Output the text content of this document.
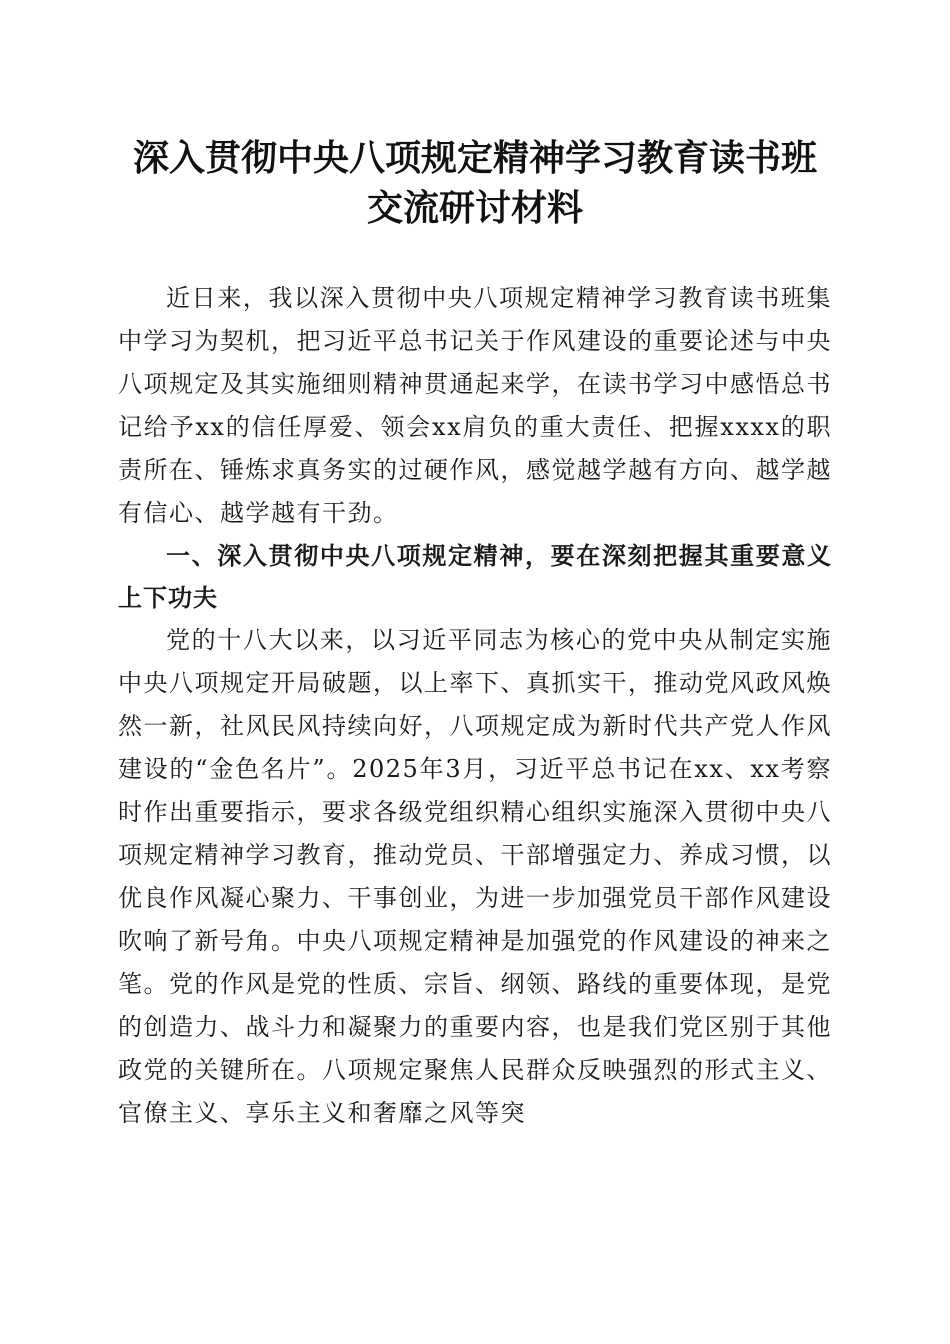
深入贯彻中央八项规定精神学习教育读书班交流研讨材料

近日来，我以深入贯彻中央八项规定精神学习教育读书班集中学习为契机，把习近平总书记关于作风建设的重要论述与中央八项规定及其实施细则精神贯通起来学，在读书学习中感悟总书记给予xx的信任厚爱、领会xx肩负的重大责任、把握xxxx的职责所在、锤炼求真务实的过硬作风，感觉越学越有方向、越学越有信心、越学越有干劲。

一、深入贯彻中央八项规定精神，要在深刻把握其重要意义上下功夫

党的十八大以来，以习近平同志为核心的党中央从制定实施中央八项规定开局破题，以上率下、真抓实干，推动党风政风焕然一新，社风民风持续向好，八项规定成为新时代共产党人作风建设的“金色名片”。2025年3月，习近平总书记在xx、xx考察时作出重要指示，要求各级党组织精心组织实施深入贯彻中央八项规定精神学习教育，推动党员、干部增强定力、养成习惯，以优良作风凝心聚力、干事创业，为进一步加强党员干部作风建设吹响了新号角。中央八项规定精神是加强党的作风建设的神来之笔。党的作风是党的性质、宗旨、纲领、路线的重要体现，是党的创造力、战斗力和凝聚力的重要内容，也是我们党区别于其他政党的关键所在。八项规定聚焦人民群众反映强烈的形式主义、官僚主义、享乐主义和奢靡之风等突
